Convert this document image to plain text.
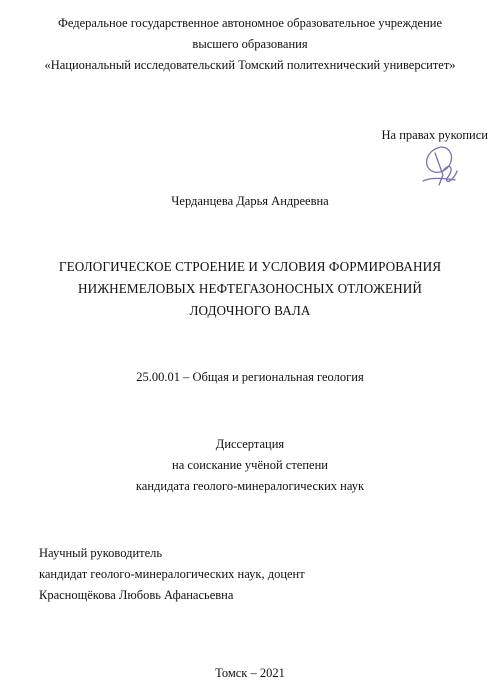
Федеральное государственное автономное образовательное учреждение
высшего образования
«Национальный исследовательский Томский политехнический университет»
На правах рукописи
Черданцева Дарья Андреевна
ГЕОЛОГИЧЕСКОЕ СТРОЕНИЕ И УСЛОВИЯ ФОРМИРОВАНИЯ
НИЖНЕМЕЛОВЫХ НЕФТЕГАЗОНОСНЫХ ОТЛОЖЕНИЙ
ЛОДОЧНОГО ВАЛА
25.00.01 – Общая и региональная геология
Диссертация
на соискание учёной степени
кандидата геолого-минералогических наук
Научный руководитель
кандидат геолого-минералогических наук, доцент
Краснощёкова Любовь Афанасьевна
Томск – 2021
